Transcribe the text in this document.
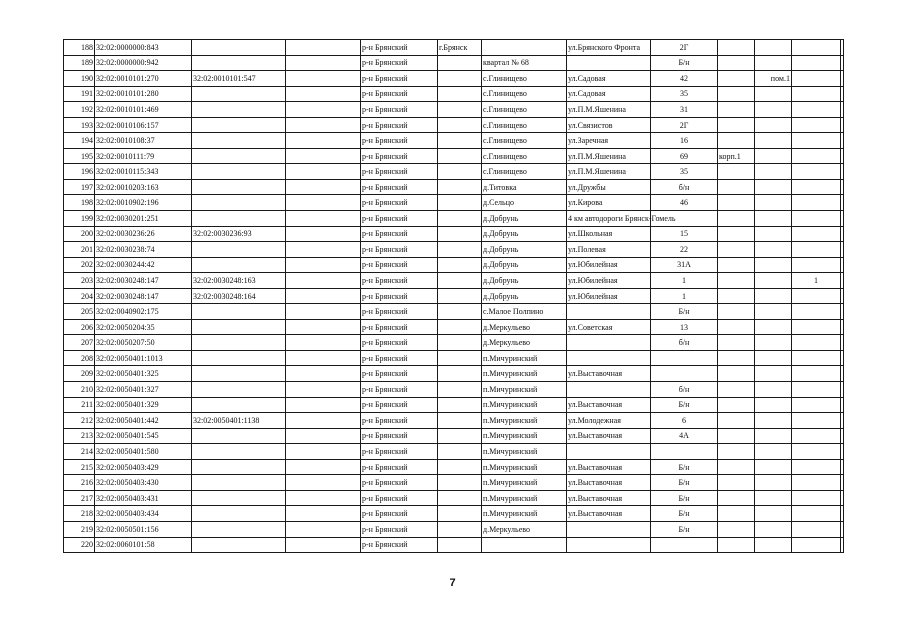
188	32:02:0000000:843			р-н Брянский	г.Брянск		ул.Брянского Фронта	2Г				
189	32:02:0000000:942			р-н Брянский		квартал № 68		Б/н				
190	32:02:0010101:270	32:02:0010101:547		р-н Брянский		с.Глинищево	ул.Садовая	42		пом.1		
191	32:02:0010101:280			р-н Брянский		с.Глинищево	ул.Садовая	35				
192	32:02:0010101:469			р-н Брянский		с.Глинищево	ул.П.М.Яшенина	31				
193	32:02:0010106:157			р-н Брянский		с.Глинищево	ул.Связистов	2Г				
194	32:02:0010108:37			р-н Брянский		с.Глинищево	ул.Заречная	16				
195	32:02:0010111:79			р-н Брянский		с.Глинищево	ул.П.М.Яшенина	69	корп.1			
196	32:02:0010115:343			р-н Брянский		с.Глинищево	ул.П.М.Яшенина	35				
197	32:02:0010203:163			р-н Брянский		д.Титовка	ул.Дружбы	б/н				
198	32:02:0010902:196			р-н Брянский		д.Сельцо	ул.Кирова	46				
199	32:02:0030201:251			р-н Брянский		д.Добрунь	4 км автодороги Брянск-Гомель					
200	32:02:0030236:26	32:02:0030236:93		р-н Брянский		д.Добрунь	ул.Школьная	15				
201	32:02:0030238:74			р-н Брянский		д.Добрунь	ул.Полевая	22				
202	32:02:0030244:42			р-н Брянский		д.Добрунь	ул.Юбилейная	31А				
203	32:02:0030248:147	32:02:0030248:163		р-н Брянский		д.Добрунь	ул.Юбилейная	1			1	
204	32:02:0030248:147	32:02:0030248:164		р-н Брянский		д.Добрунь	ул.Юбилейная	1				
205	32:02:0040902:175			р-н Брянский		с.Малое Полпино		Б/н				
206	32:02:0050204:35			р-н Брянский		д.Меркульево	ул.Советская	13				
207	32:02:0050207:50			р-н Брянский		д.Меркульево		б/н				
208	32:02:0050401:1013			р-н Брянский		п.Мичуринский						
209	32:02:0050401:325			р-н Брянский		п.Мичуринский	ул.Выставочная					
210	32:02:0050401:327			р-н Брянский		п.Мичуринский		б/н				
211	32:02:0050401:329			р-н Брянский		п.Мичуринский	ул.Выставочная	Б/н				
212	32:02:0050401:442	32:02:0050401:1138		р-н Брянский		п.Мичуринский	ул.Молодежная	6				
213	32:02:0050401:545			р-н Брянский		п.Мичуринский	ул.Выставочная	4А				
214	32:02:0050401:580			р-н Брянский		п.Мичуринский						
215	32:02:0050403:429			р-н Брянский		п.Мичуринский	ул.Выставочная	Б/н				
216	32:02:0050403:430			р-н Брянский		п.Мичуринский	ул.Выставочная	Б/н				
217	32:02:0050403:431			р-н Брянский		п.Мичуринский	ул.Выставочная	Б/н				
218	32:02:0050403:434			р-н Брянский		п.Мичуринский	ул.Выставочная	Б/н				
219	32:02:0050501:156			р-н Брянский		д.Меркульево		Б/н				
220	32:02:0060101:58			р-н Брянский								
7
